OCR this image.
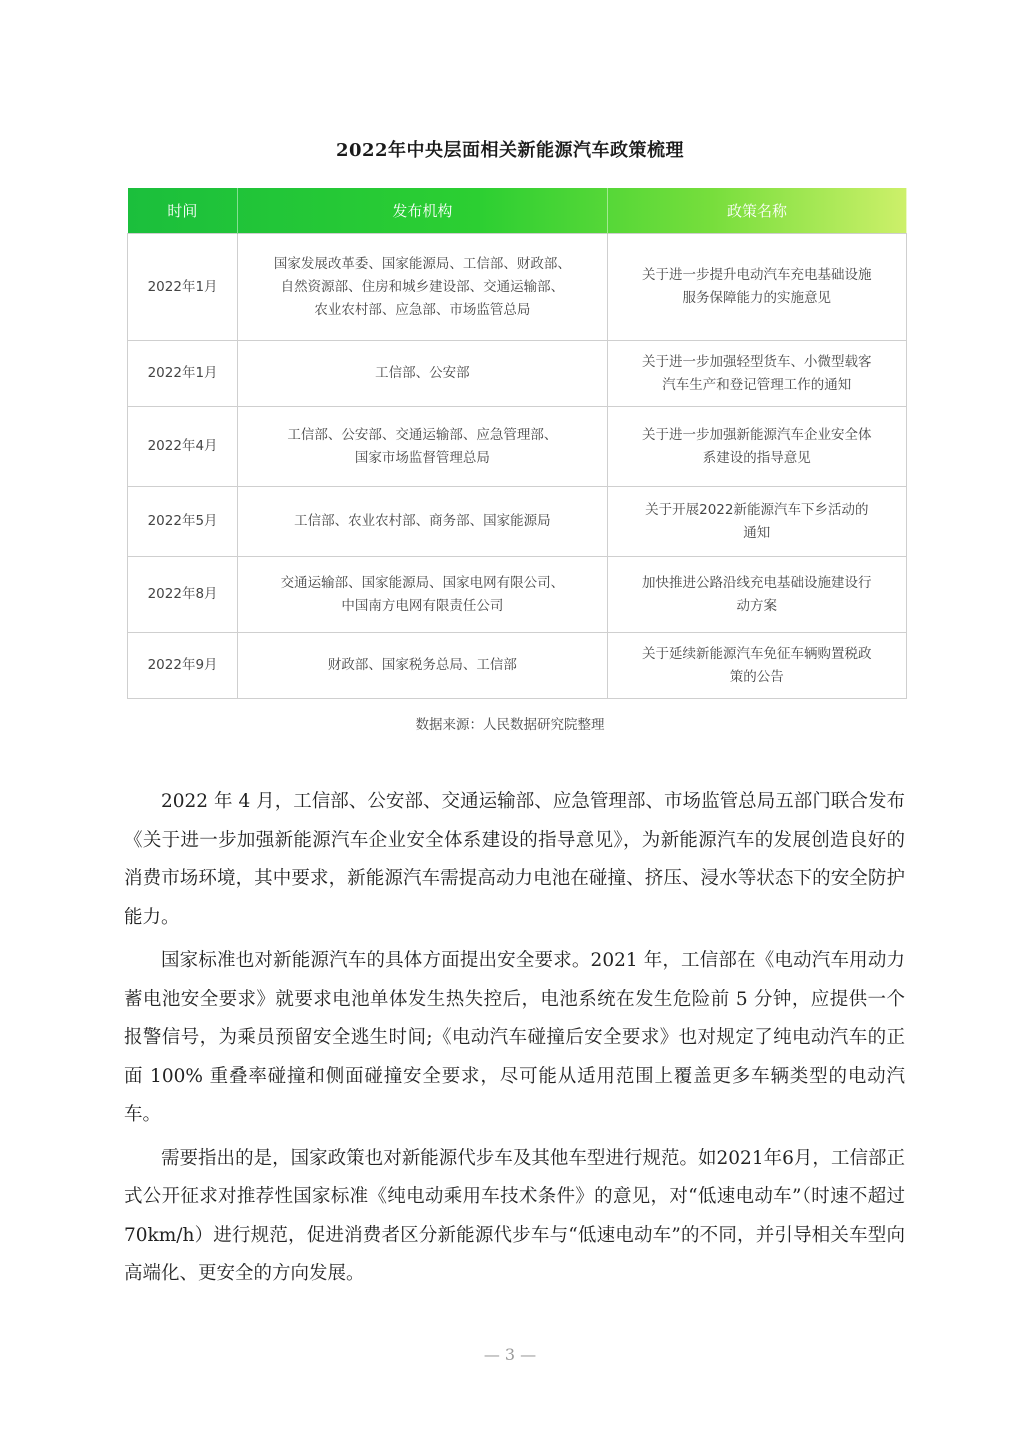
2022年中央层面相关新能源汽车政策梳理
时间	发布机构	政策名称
2022年1月	国家发展改革委、国家能源局、工信部、财政部、
自然资源部、住房和城乡建设部、交通运输部、
农业农村部、应急部、市场监管总局	关于进一步提升电动汽车充电基础设施
服务保障能力的实施意见
2022年1月	工信部、公安部	关于进一步加强轻型货车、小微型载客
汽车生产和登记管理工作的通知
2022年4月	工信部、公安部、交通运输部、应急管理部、
国家市场监督管理总局	关于进一步加强新能源汽车企业安全体
系建设的指导意见
2022年5月	工信部、农业农村部、商务部、国家能源局	关于开展2022新能源汽车下乡活动的
通知
2022年8月	交通运输部、国家能源局、国家电网有限公司、
中国南方电网有限责任公司	加快推进公路沿线充电基础设施建设行
动方案
2022年9月	财政部、国家税务总局、工信部	关于延续新能源汽车免征车辆购置税政
策的公告
数据来源：人民数据研究院整理

2022 年 4 月，工信部、公安部、交通运输部、应急管理部、市场监管总局五部门联合发布《关于进一步加强新能源汽车企业安全体系建设的指导意见》，为新能源汽车的发展创造良好的消费市场环境，其中要求，新能源汽车需提高动力电池在碰撞、挤压、浸水等状态下的安全防护能力。

国家标准也对新能源汽车的具体方面提出安全要求。2021 年，工信部在《电动汽车用动力蓄电池安全要求》就要求电池单体发生热失控后，电池系统在发生危险前 5 分钟，应提供一个报警信号，为乘员预留安全逃生时间;《电动汽车碰撞后安全要求》也对规定了纯电动汽车的正面 100% 重叠率碰撞和侧面碰撞安全要求，尽可能从适用范围上覆盖更多车辆类型的电动汽车。

需要指出的是，国家政策也对新能源代步车及其他车型进行规范。如2021年6月，工信部正式公开征求对推荐性国家标准《纯电动乘用车技术条件》的意见，对“低速电动车”（时速不超过 70km/h）进行规范，促进消费者区分新能源代步车与“低速电动车”的不同，并引导相关车型向高端化、更安全的方向发展。

— 3 —
